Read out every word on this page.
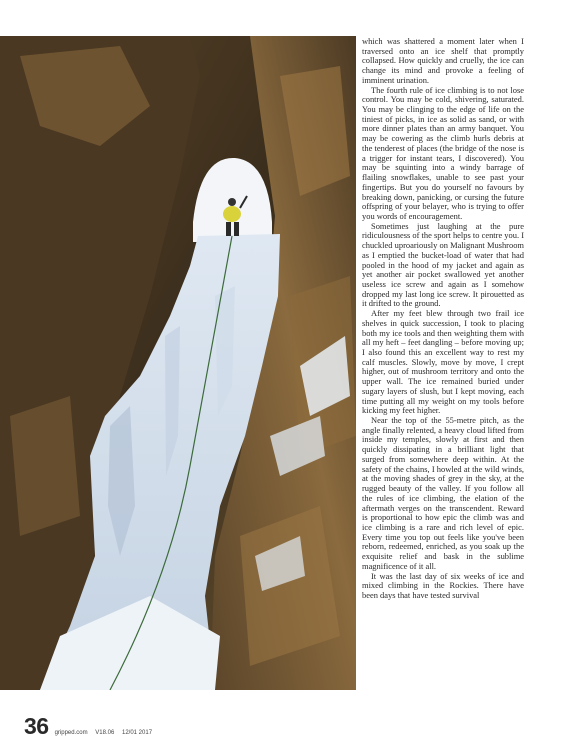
which was shattered a moment later when I traversed onto an ice shelf that promptly collapsed. How quickly and cruelly, the ice can change its mind and provoke a feeling of imminent urination.

The fourth rule of ice climbing is to not lose control. You may be cold, shivering, saturated. You may be clinging to the edge of life on the tiniest of picks, in ice as solid as sand, or with more dinner plates than an army banquet. You may be cowering as the climb hurls debris at the tenderest of places (the bridge of the nose is a trigger for instant tears, I discovered). You may be squinting into a windy barrage of flailing snowflakes, unable to see past your fingertips. But you do yourself no favours by breaking down, panicking, or cursing the future offspring of your belayer, who is trying to offer you words of encouragement.

Sometimes just laughing at the pure ridiculousness of the sport helps to centre you. I chuckled uproariously on Malignant Mushroom as I emptied the bucket-load of water that had pooled in the hood of my jacket and again as yet another air pocket swallowed yet another useless ice screw and again as I somehow dropped my last long ice screw. It pirouetted as it drifted to the ground.

After my feet blew through two frail ice shelves in quick succession, I took to placing both my ice tools and then weighting them with all my heft – feet dangling – before moving up; I also found this an excellent way to rest my calf muscles. Slowly, move by move, I crept higher, out of mushroom territory and onto the upper wall. The ice remained buried under sugary layers of slush, but I kept moving, each time putting all my weight on my tools before kicking my feet higher.

Near the top of the 55-metre pitch, as the angle finally relented, a heavy cloud lifted from inside my temples, slowly at first and then quickly dissipating in a brilliant light that surged from somewhere deep within. At the safety of the chains, I howled at the wild winds, at the moving shades of grey in the sky, at the rugged beauty of the valley. If you follow all the rules of ice climbing, the elation of the aftermath verges on the transcendent. Reward is proportional to how epic the climb was and ice climbing is a rare and rich level of epic. Every time you top out feels like you've been reborn, redeemed, enriched, as you soak up the exquisite relief and bask in the sublime magnificence of it all.

It was the last day of six weeks of ice and mixed climbing in the Rockies. There have been days that have tested survival

36 gripped.com V18.06 12/01 2017
